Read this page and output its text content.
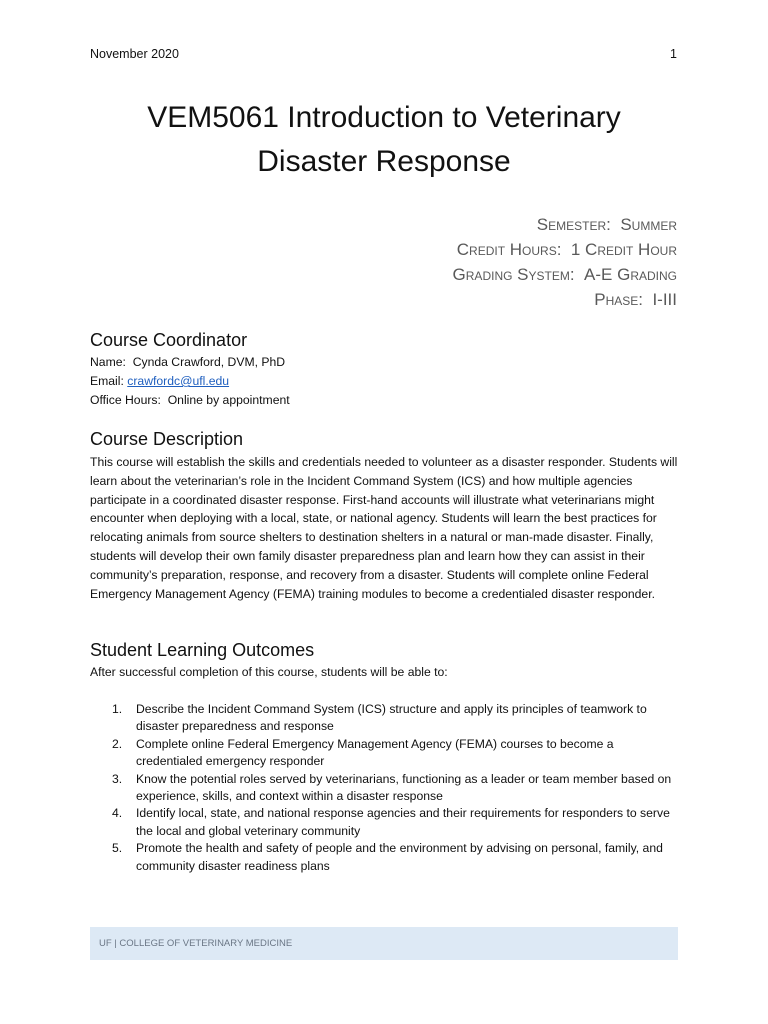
November 2020	1
VEM5061 Introduction to Veterinary Disaster Response
Semester: Summer
Credit Hours: 1 Credit Hour
Grading System: A-E Grading
Phase: I-III
Course Coordinator
Name: Cynda Crawford, DVM, PhD
Email: crawfordc@ufl.edu
Office Hours: Online by appointment
Course Description

This course will establish the skills and credentials needed to volunteer as a disaster responder. Students will learn about the veterinarian’s role in the Incident Command System (ICS) and how multiple agencies participate in a coordinated disaster response. First-hand accounts will illustrate what veterinarians might encounter when deploying with a local, state, or national agency. Students will learn the best practices for relocating animals from source shelters to destination shelters in a natural or man-made disaster. Finally, students will develop their own family disaster preparedness plan and learn how they can assist in their community’s preparation, response, and recovery from a disaster. Students will complete online Federal Emergency Management Agency (FEMA) training modules to become a credentialed disaster responder.

Student Learning Outcomes

After successful completion of this course, students will be able to:

1. Describe the Incident Command System (ICS) structure and apply its principles of teamwork to disaster preparedness and response
2. Complete online Federal Emergency Management Agency (FEMA) courses to become a credentialed emergency responder
3. Know the potential roles served by veterinarians, functioning as a leader or team member based on experience, skills, and context within a disaster response
4. Identify local, state, and national response agencies and their requirements for responders to serve the local and global veterinary community
5. Promote the health and safety of people and the environment by advising on personal, family, and community disaster readiness plans
UF | COLLEGE OF VETERINARY MEDICINE
